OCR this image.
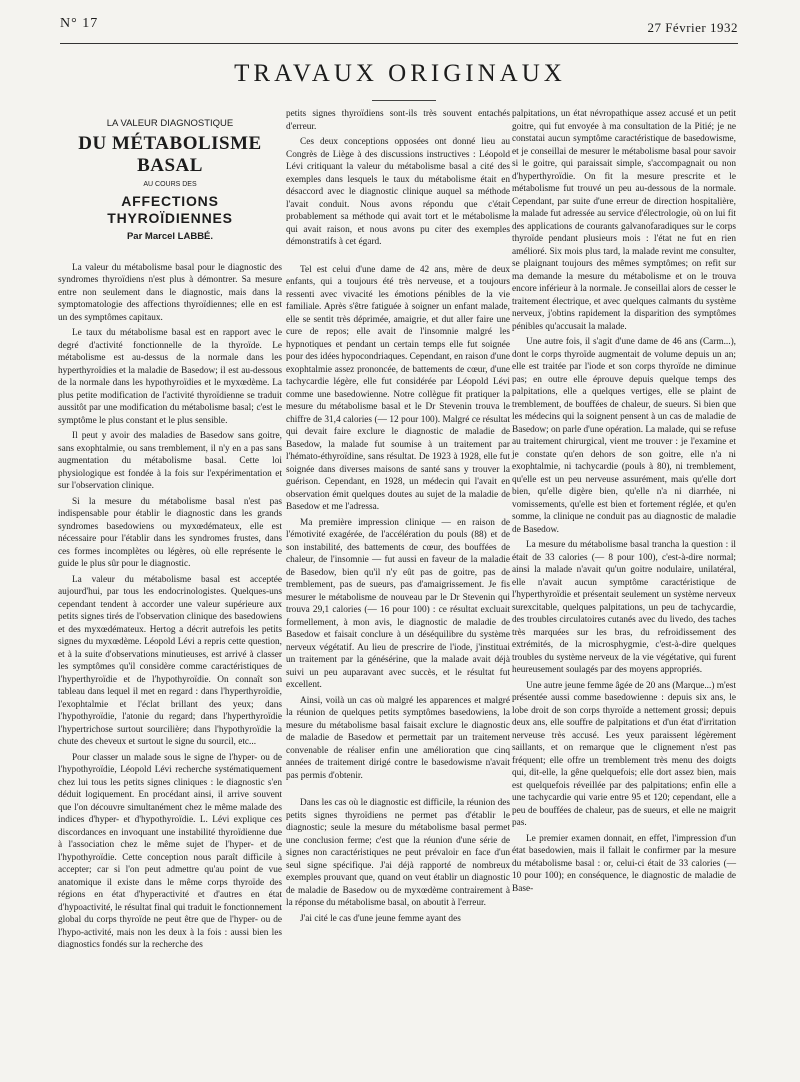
N° 17	27 Février 1932
TRAVAUX ORIGINAUX
LA VALEUR DIAGNOSTIQUE
DU MÉTABOLISME BASAL
AU COURS DES
AFFECTIONS THYROÏDIENNES
Par Marcel LABBÉ.

La valeur du métabolisme basal pour le diagnostic des syndromes thyroïdiens n'est plus à démontrer. Sa mesure entre non seulement dans le diagnostic, mais dans la symptomatologie des affections thyroïdiennes; elle en est un des symptômes capitaux.

Le taux du métabolisme basal est en rapport avec le degré d'activité fonctionnelle de la thyroïde. Le métabolisme est au-dessus de la normale dans les hyperthyroïdies et la maladie de Basedow; il est au-dessous de la normale dans les hypothyroïdies et le myxœdème. La plus petite modification de l'activité thyroïdienne se traduit aussitôt par une modification du métabolisme basal; c'est le symptôme le plus constant et le plus sensible.

Il peut y avoir des maladies de Basedow sans goitre, sans exophtalmie, ou sans tremblement, il n'y en a pas sans augmentation du métabolisme basal. Cette loi physiologique est fondée à la fois sur l'expérimentation et sur l'observation clinique.

Si la mesure du métabolisme basal n'est pas indispensable pour établir le diagnostic dans les grands syndromes basedowiens ou myxœdémateux, elle est nécessaire pour l'établir dans les syndromes frustes, dans ces formes incomplètes ou légères, où elle représente le guide le plus sûr pour le diagnostic.

La valeur du métabolisme basal est acceptée aujourd'hui, par tous les endocrinologistes. Quelques-uns cependant tendent à accorder une valeur supérieure aux petits signes tirés de l'observation clinique des basedowiens et des myxœdémateux. Hertog a décrit autrefois les petits signes du myxœdème. Léopold Lévi a repris cette question, et à la suite d'observations minutieuses, est arrivé à classer les symptômes qu'il considère comme caractéristiques de l'hyperthyroïdie et de l'hypothyroïdie. On connaît son tableau dans lequel il met en regard : dans l'hyperthyroïdie, l'exophtalmie et l'éclat brillant des yeux; dans l'hypothyroïdie, l'atonie du regard; dans l'hyperthyroïdie l'hypertrichose surtout sourcilière; dans l'hypothyroïdie la chute des cheveux et surtout le signe du sourcil, etc...

Pour classer un malade sous le signe de l'hyper- ou de l'hypothyroïdie, Léopold Lévi recherche systématiquement chez lui tous les petits signes cliniques : le diagnostic s'en déduit logiquement. En procédant ainsi, il arrive souvent que l'on découvre simultanément chez le même malade des indices d'hyper- et d'hypothyroïdie. L. Lévi explique ces discordances en invoquant une instabilité thyroïdienne due à l'association chez le même sujet de l'hyper- et de l'hypothyroïdie. Cette conception nous paraît difficile à accepter; car si l'on peut admettre qu'au point de vue anatomique il existe dans le même corps thyroïde des régions en état d'hyperactivité et d'autres en état d'hypoactivité, le résultat final qui traduit le fonctionnement global du corps thyroïde ne peut être que de l'hyper- ou de l'hypo-activité, mais non les deux à la fois : aussi bien les diagnostics fondés sur la recherche des

petits signes thyroïdiens sont-ils très souvent entachés d'erreur.

Ces deux conceptions opposées ont donné lieu au Congrès de Liège à des discussions instructives : Léopold Lévi critiquant la valeur du métabolisme basal a cité des exemples dans lesquels le taux du métabolisme était en désaccord avec le diagnostic clinique auquel sa méthode l'avait conduit. Nous avons répondu que c'était probablement sa méthode qui avait tort et le métabolisme qui avait raison, et nous avons pu citer des exemples démonstratifs à cet égard.

Tel est celui d'une dame de 42 ans, mère de deux enfants, qui a toujours été très nerveuse, et a toujours ressenti avec vivacité les émotions pénibles de la vie familiale. Après s'être fatiguée à soigner un enfant malade, elle se sentit très déprimée, amaigrie, et dut aller faire une cure de repos; elle avait de l'insomnie malgré les hypnotiques et pendant un certain temps elle fut soignée pour des idées hypocondriaques. Cependant, en raison d'une exophtalmie assez prononcée, de battements de cœur, d'une tachycardie légère, elle fut considérée par Léopold Lévi comme une basedowienne. Notre collègue fit pratiquer la mesure du métabolisme basal et le Dr Stevenin trouva le chiffre de 31,4 calories (— 12 pour 100). Malgré ce résultat qui devait faire exclure le diagnostic de maladie de Basedow, la malade fut soumise à un traitement par l'hémato-éthyroïdine, sans résultat. De 1923 à 1928, elle fut soignée dans diverses maisons de santé sans y trouver la guérison. Cependant, en 1928, un médecin qui l'avait en observation émit quelques doutes au sujet de la maladie de Basedow et me l'adressa.

Ma première impression clinique — en raison de l'émotivité exagérée, de l'accélération du pouls (88) et de son instabilité, des battements de cœur, des bouffées de chaleur, de l'insomnie — fut aussi en faveur de la maladie de Basedow, bien qu'il n'y eût pas de goitre, pas de tremblement, pas de sueurs, pas d'amaigrissement. Je fis mesurer le métabolisme de nouveau par le Dr Stevenin qui trouva 29,1 calories (— 16 pour 100) : ce résultat excluait formellement, à mon avis, le diagnostic de maladie de Basedow et faisait conclure à un déséquilibre du système nerveux végétatif. Au lieu de prescrire de l'iode, j'instituai un traitement par la génésérine, que la malade avait déjà suivi un peu auparavant avec succès, et le résultat fut excellent.

Ainsi, voilà un cas où malgré les apparences et malgré la réunion de quelques petits symptômes basedowiens, la mesure du métabolisme basal faisait exclure le diagnostic de maladie de Basedow et permettait par un traitement convenable de réaliser enfin une amélioration que cinq années de traitement dirigé contre le basedowisme n'avait pas permis d'obtenir.

Dans les cas où le diagnostic est difficile, la réunion des petits signes thyroïdiens ne permet pas d'établir le diagnostic; seule la mesure du métabolisme basal permet une conclusion ferme; c'est que la réunion d'une série de signes non caractéristiques ne peut prévaloir en face d'un seul signe spécifique. J'ai déjà rapporté de nombreux exemples prouvant que, quand on veut établir un diagnostic de maladie de Basedow ou de myxœdème contrairement à la réponse du métabolisme basal, on aboutit à l'erreur.

J'ai cité le cas d'une jeune femme ayant des

palpitations, un état névropathique assez accusé et un petit goitre, qui fut envoyée à ma consultation de la Pitié; je ne constatai aucun symptôme caractéristique de basedowisme, et je conseillai de mesurer le métabolisme basal pour savoir si le goitre, qui paraissait simple, s'accompagnait ou non d'hyperthyroïdie. On fit la mesure prescrite et le métabolisme fut trouvé un peu au-dessous de la normale. Cependant, par suite d'une erreur de direction hospitalière, la malade fut adressée au service d'électrologie, où on lui fit des applications de courants galvanofaradiques sur le corps thyroïde pendant plusieurs mois : l'état ne fut en rien amélioré. Six mois plus tard, la malade revint me consulter, se plaignant toujours des mêmes symptômes; on refit sur ma demande la mesure du métabolisme et on le trouva encore inférieur à la normale. Je conseillai alors de cesser le traitement électrique, et avec quelques calmants du système nerveux, j'obtins rapidement la disparition des symptômes pénibles qu'accusait la malade.

Une autre fois, il s'agit d'une dame de 46 ans (Carm...), dont le corps thyroïde augmentait de volume depuis un an; elle est traitée par l'iode et son corps thyroïde ne diminue pas; en outre elle éprouve depuis quelque temps des palpitations, elle a quelques vertiges, elle se plaint de tremblement, de bouffées de chaleur, de sueurs. Si bien que les médecins qui la soignent pensent à un cas de maladie de Basedow; on parle d'une opération. La malade, qui se refuse au traitement chirurgical, vient me trouver : je l'examine et je constate qu'en dehors de son goitre, elle n'a ni exophtalmie, ni tachycardie (pouls à 80), ni tremblement, qu'elle est un peu nerveuse assurément, mais qu'elle dort bien, qu'elle digère bien, qu'elle n'a ni diarrhée, ni vomissements, qu'elle est bien et fortement réglée, et qu'en somme, la clinique ne conduit pas au diagnostic de maladie de Basedow.

La mesure du métabolisme basal trancha la question : il était de 33 calories (— 8 pour 100), c'est-à-dire normal; ainsi la malade n'avait qu'un goitre nodulaire, unilatéral, elle n'avait aucun symptôme caractéristique de l'hyperthyroïdie et présentait seulement un système nerveux surexcitable, quelques palpitations, un peu de tachycardie, des troubles circulatoires cutanés avec du livedo, des taches très marquées sur les bras, du refroidissement des extrémités, de la microsphygmie, c'est-à-dire quelques troubles du système nerveux de la vie végétative, qui furent heureusement soulagés par des moyens appropriés.

Une autre jeune femme âgée de 20 ans (Marque...) m'est présentée aussi comme basedowienne : depuis six ans, le lobe droit de son corps thyroïde a nettement grossi; depuis deux ans, elle souffre de palpitations et d'un état d'irritation nerveuse très accusé. Les yeux paraissent légèrement saillants, et on remarque que le clignement n'est pas fréquent; elle offre un tremblement très menu des doigts qui, dit-elle, la gêne quelquefois; elle dort assez bien, mais est quelquefois réveillée par des palpitations; enfin elle a une tachycardie qui varie entre 95 et 120; cependant, elle a peu de bouffées de chaleur, pas de sueurs, et elle ne maigrit pas.

Le premier examen donnait, en effet, l'impression d'un état basedowien, mais il fallait le confirmer par la mesure du métabolisme basal : or, celui-ci était de 33 calories (— 10 pour 100); en conséquence, le diagnostic de maladie de Base-
